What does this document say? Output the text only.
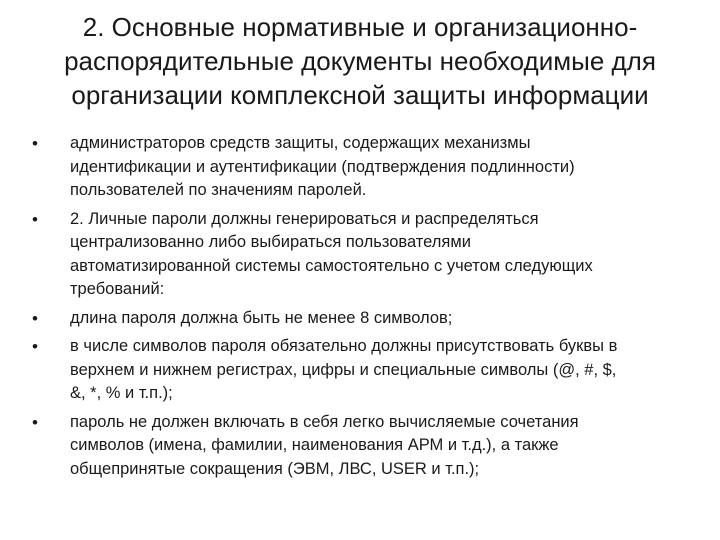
2. Основные нормативные и организационно-
распорядительные документы необходимые для
организации комплексной защиты информации
• администраторов средств защиты, содержащих механизмы
идентификации и аутентификации (подтверждения подлинности)
пользователей по значениям паролей.
• 2. Личные пароли должны генерироваться и распределяться
централизованно либо выбираться пользователями
автоматизированной системы самостоятельно с учетом следующих
требований:
• длина пароля должна быть не менее 8 символов;
• в числе символов пароля обязательно должны присутствовать буквы в
верхнем и нижнем регистрах, цифры и специальные символы (@, #, $,
&, *, % и т.п.);
• пароль не должен включать в себя легко вычисляемые сочетания
символов (имена, фамилии, наименования АРМ и т.д.), а также
общепринятые сокращения (ЭВМ, ЛВС, USER и т.п.);
